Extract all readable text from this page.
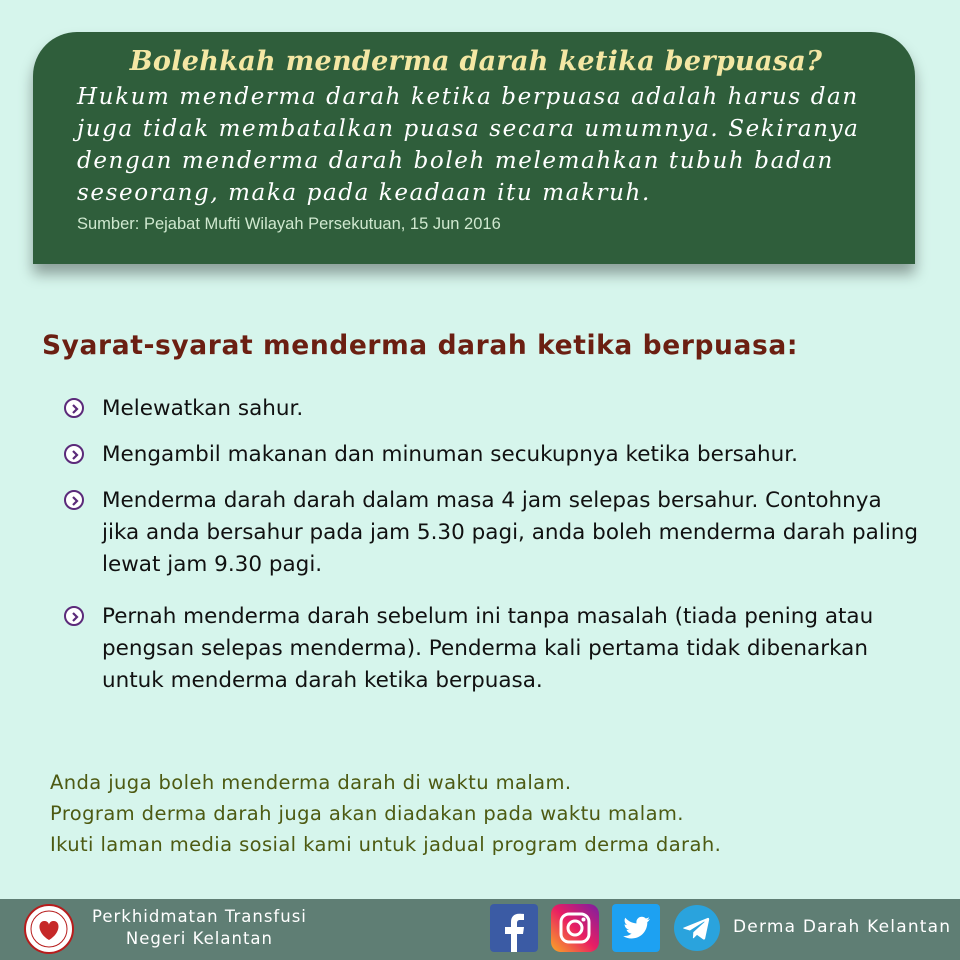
Bolehkah menderma darah ketika berpuasa?

Hukum menderma darah ketika berpuasa adalah harus dan juga tidak membatalkan puasa secara umumnya. Sekiranya dengan menderma darah boleh melemahkan tubuh badan seseorang, maka pada keadaan itu makruh.

Sumber: Pejabat Mufti Wilayah Persekutuan, 15 Jun 2016
Syarat-syarat menderma darah ketika berpuasa:
Melewatkan sahur.
Mengambil makanan dan minuman secukupnya ketika bersahur.
Menderma darah darah dalam masa 4 jam selepas bersahur. Contohnya jika anda bersahur pada jam 5.30 pagi, anda boleh menderma darah paling lewat jam 9.30 pagi.
Pernah menderma darah sebelum ini tanpa masalah (tiada pening atau pengsan selepas menderma). Penderma kali pertama tidak dibenarkan untuk menderma darah ketika berpuasa.
Anda juga boleh menderma darah di waktu malam.
Program derma darah juga akan diadakan pada waktu malam.
Ikuti laman media sosial kami untuk jadual program derma darah.
Perkhidmatan Transfusi
Negeri Kelantan
Derma Darah Kelantan
